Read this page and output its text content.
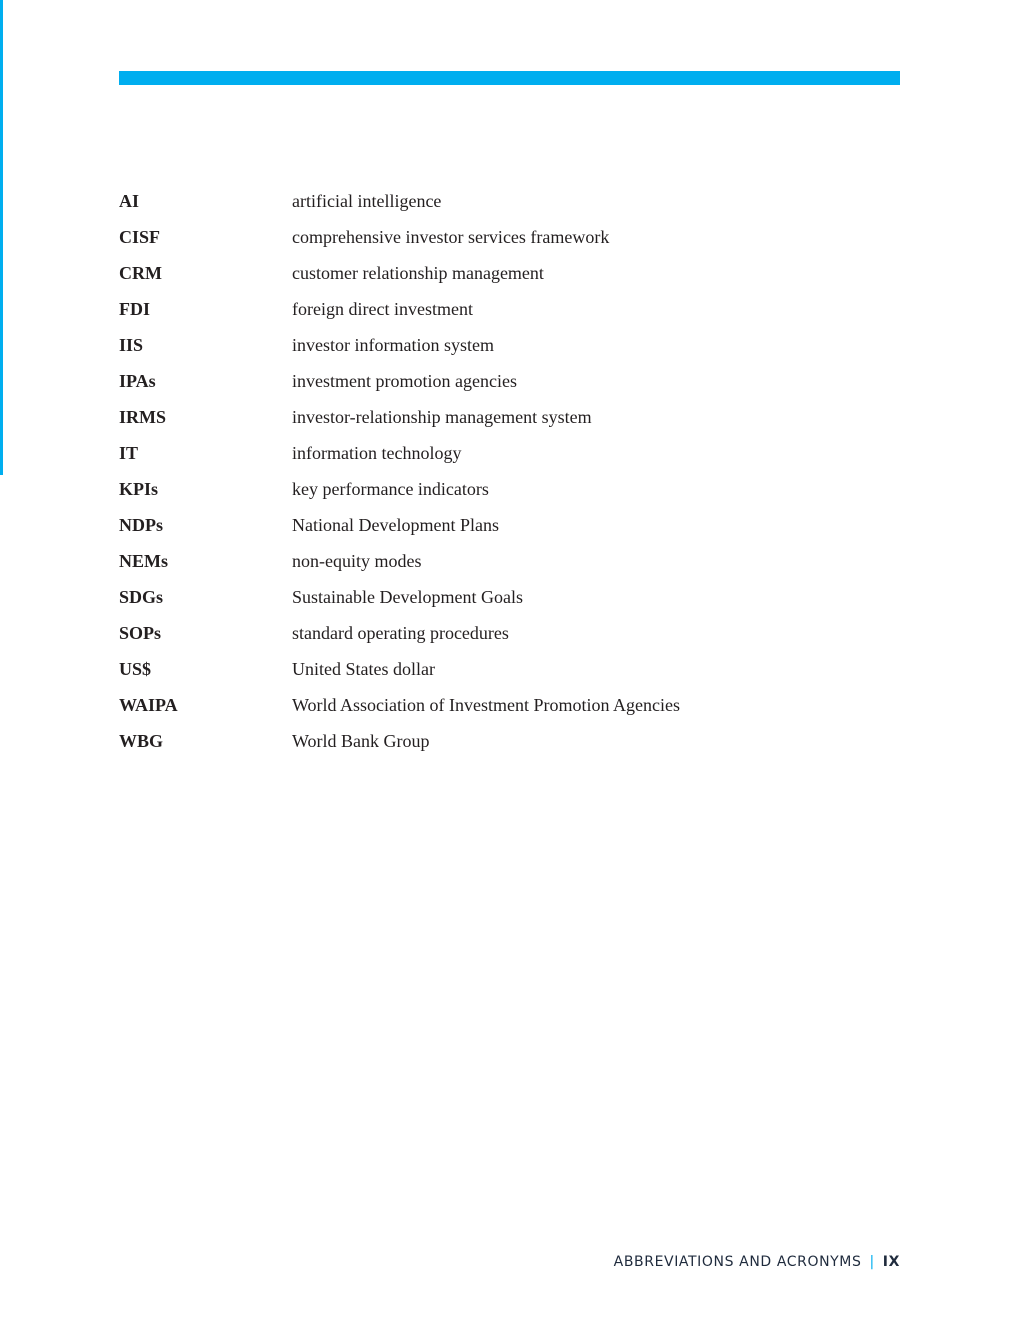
AI	artificial intelligence
CISF	comprehensive investor services framework
CRM	customer relationship management
FDI	foreign direct investment
IIS	investor information system
IPAs	investment promotion agencies
IRMS	investor-relationship management system
IT	information technology
KPIs	key performance indicators
NDPs	National Development Plans
NEMs	non-equity modes
SDGs	Sustainable Development Goals
SOPs	standard operating procedures
US$	United States dollar
WAIPA	World Association of Investment Promotion Agencies
WBG	World Bank Group
ABBREVIATIONS AND ACRONYMS | IX
